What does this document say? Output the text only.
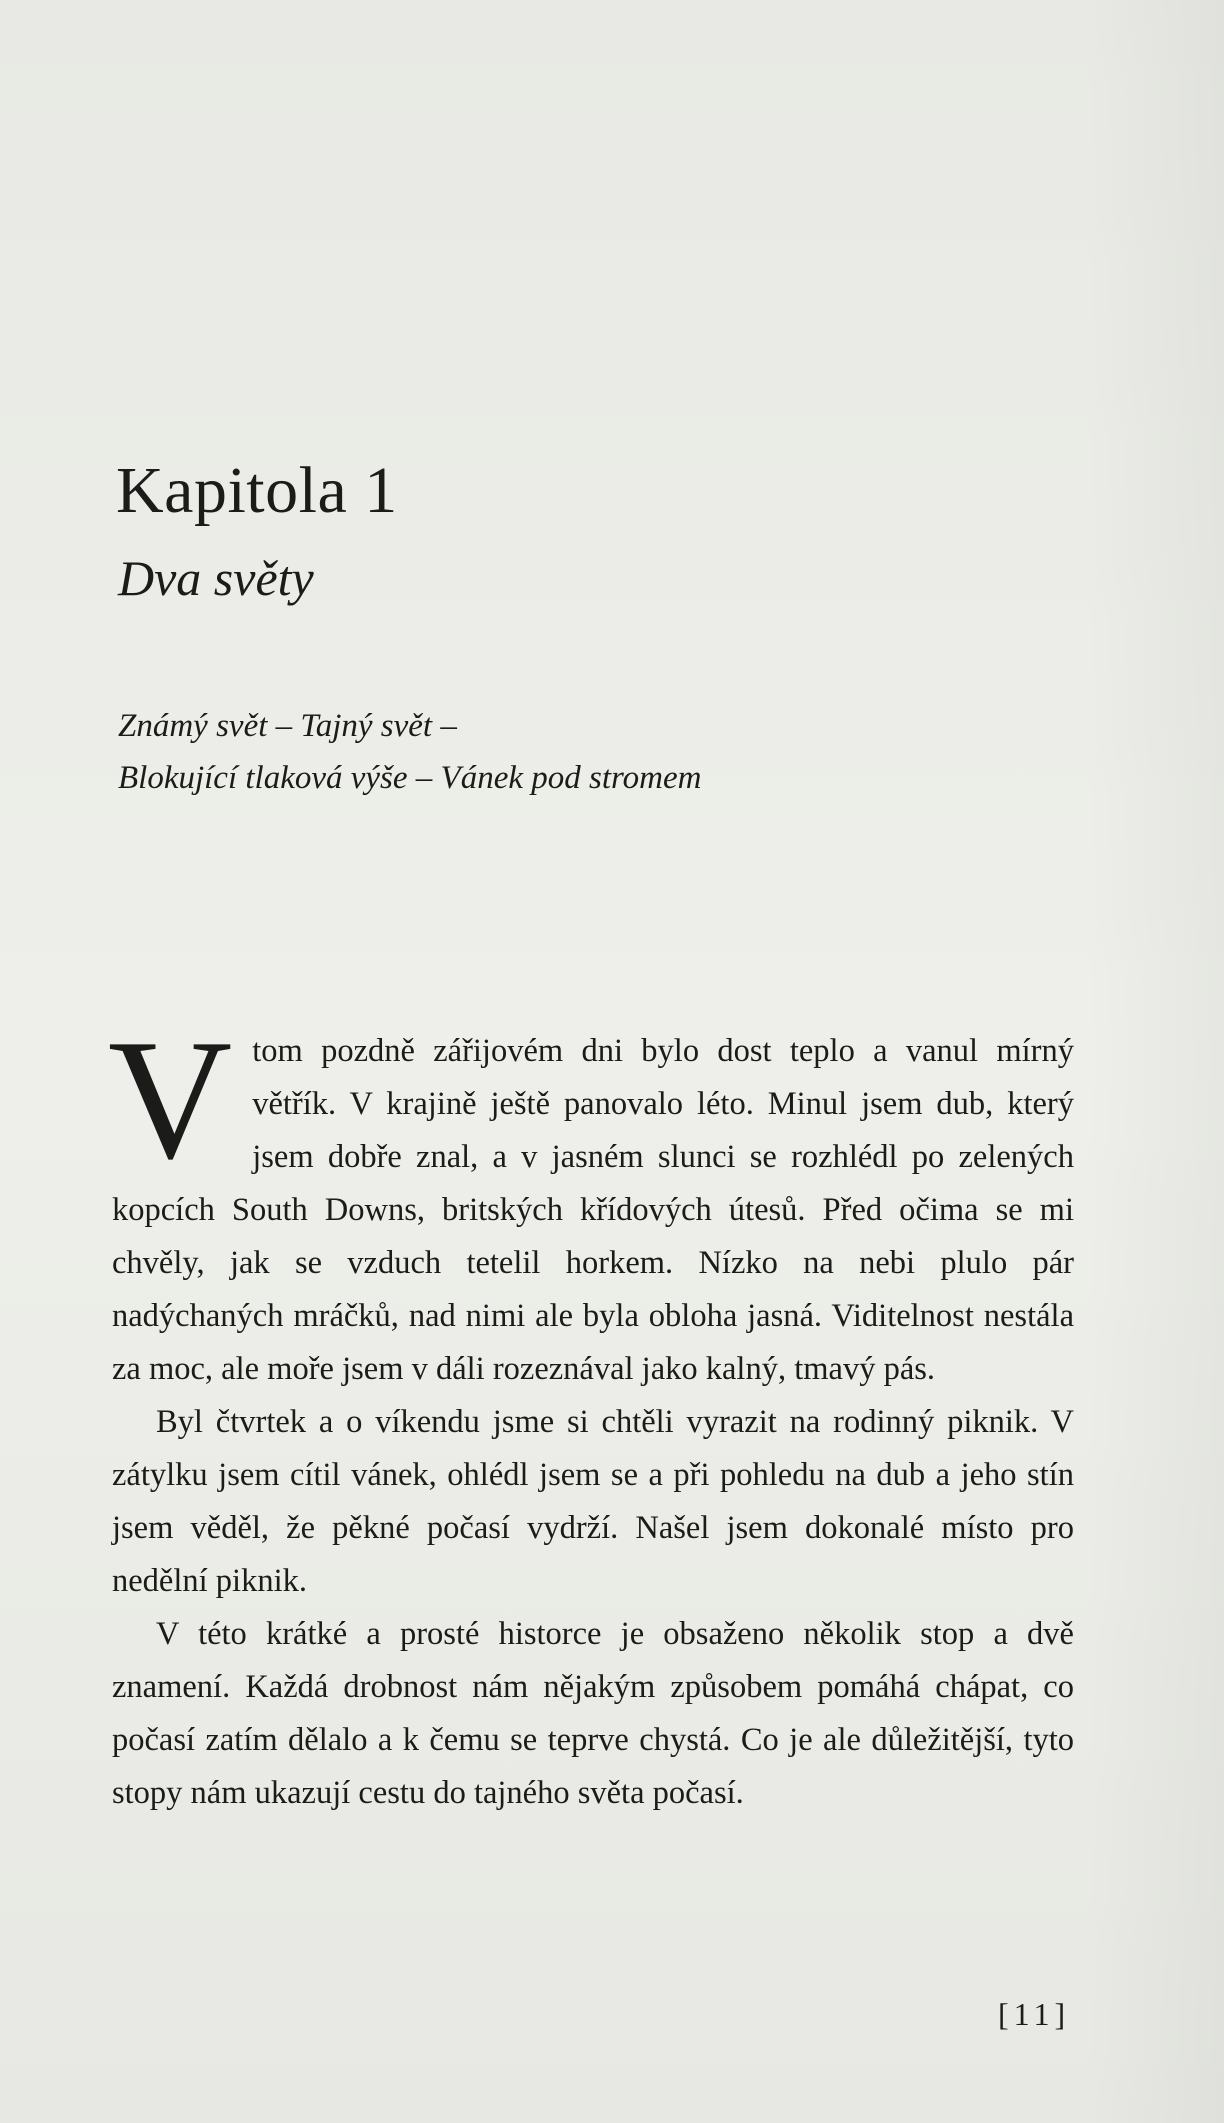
Kapitola 1
Dva světy
Známý svět – Tajný svět –
Blokující tlaková výše – Vánek pod stromem

Vtom pozdně zářijovém dni bylo dost teplo a vanul mírný větřík. V krajině ještě panovalo léto. Minul jsem dub, který jsem dobře znal, a v jasném slunci se rozhlédl po zelených kopcích South Downs, britských křídových útesů. Před očima se mi chvěly, jak se vzduch tetelil horkem. Nízko na nebi plulo pár nadýchaných mráčků, nad nimi ale byla obloha jasná. Viditelnost nestála za moc, ale moře jsem v dáli rozeznával jako kalný, tmavý pás.

Byl čtvrtek a o víkendu jsme si chtěli vyrazit na rodinný piknik. V zátylku jsem cítil vánek, ohlédl jsem se a při pohledu na dub a jeho stín jsem věděl, že pěkné počasí vydrží. Našel jsem dokonalé místo pro nedělní piknik.

V této krátké a prosté historce je obsaženo několik stop a dvě znamení. Každá drobnost nám nějakým způsobem pomáhá chápat, co počasí zatím dělalo a k čemu se teprve chystá. Co je ale důležitější, tyto stopy nám ukazují cestu do tajného světa počasí.

[11]
